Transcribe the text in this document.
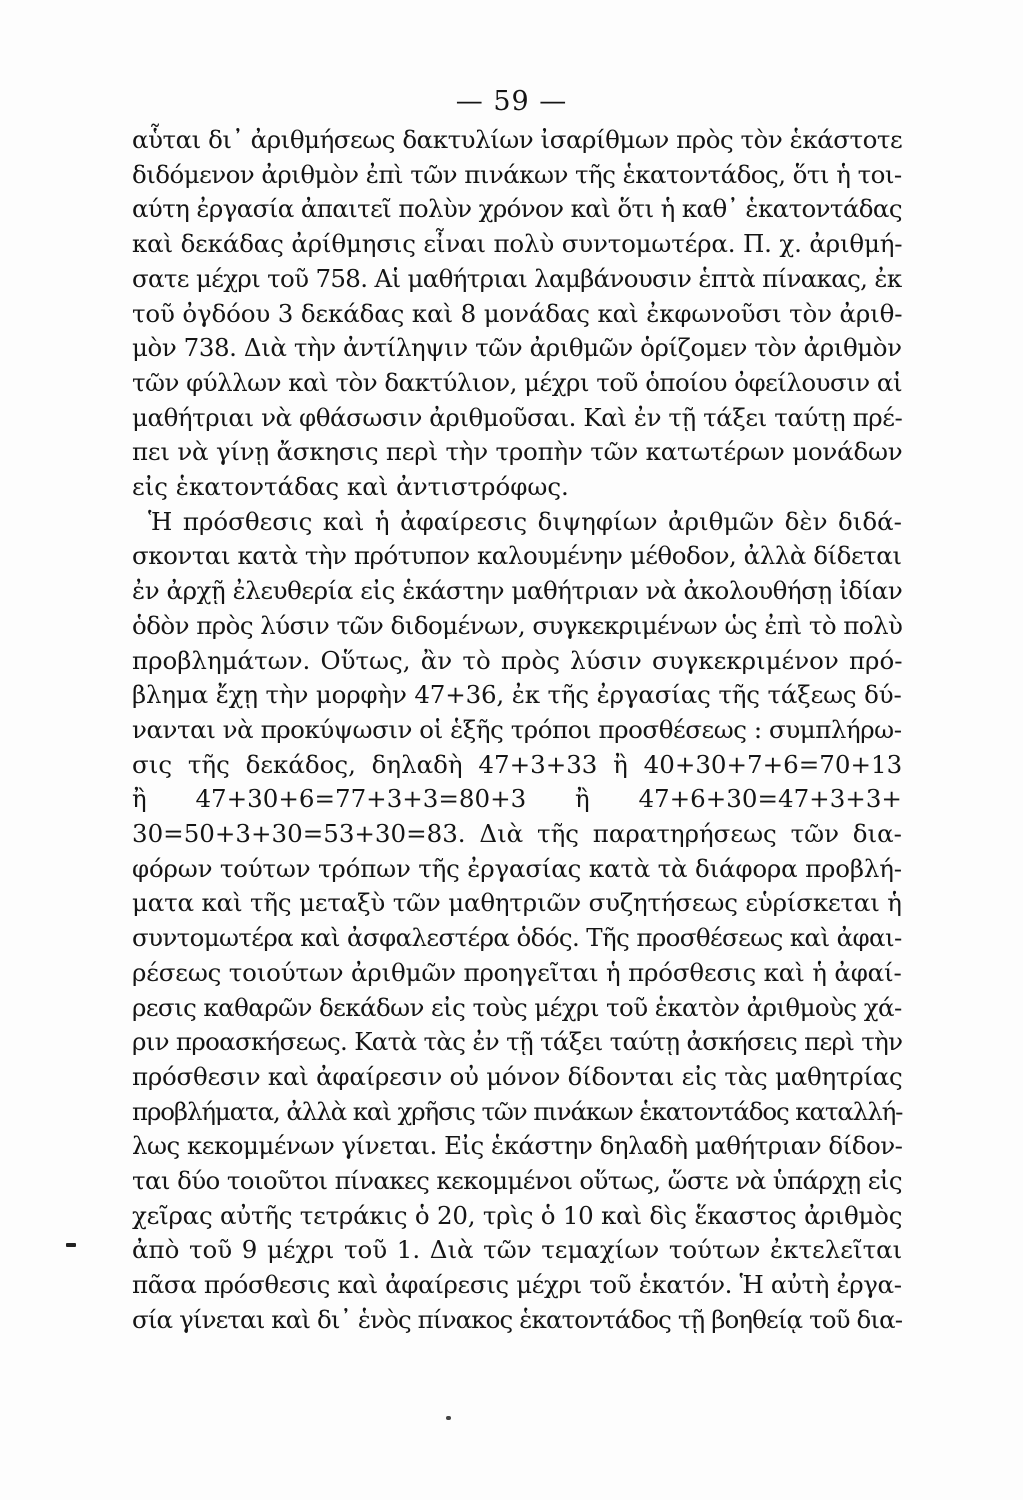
— 59 —
αὗται δι᾽ ἀριθμήσεως δακτυλίων ἰσαρίθμων πρὸς τὸν ἑκάστοτε
διδόμενον ἀριθμὸν ἐπὶ τῶν πινάκων τῆς ἑκατοντάδος, ὅτι ἡ τοι-
αύτη ἐργασία ἀπαιτεῖ πολὺν χρόνον καὶ ὅτι ἡ καθ᾽ ἑκατοντάδας
καὶ δεκάδας ἀρίθμησις εἶναι πολὺ συντομωτέρα. Π. χ. ἀριθμή-
σατε μέχρι τοῦ 758. Αἱ μαθήτριαι λαμβάνουσιν ἑπτὰ πίνακας, ἐκ
τοῦ ὀγδόου 3 δεκάδας καὶ 8 μονάδας καὶ ἐκφωνοῦσι τὸν ἀριθ-
μὸν 738. Διὰ τὴν ἀντίληψιν τῶν ἀριθμῶν ὁρίζομεν τὸν ἀριθμὸν
τῶν φύλλων καὶ τὸν δακτύλιον, μέχρι τοῦ ὁποίου ὀφείλουσιν αἱ
μαθήτριαι νὰ φθάσωσιν ἀριθμοῦσαι. Καὶ ἐν τῇ τάξει ταύτῃ πρέ-
πει νὰ γίνῃ ἄσκησις περὶ τὴν τροπὴν τῶν κατωτέρων μονάδων
εἰς ἑκατοντάδας καὶ ἀντιστρόφως.
Ἡ πρόσθεσις καὶ ἡ ἀφαίρεσις διψηφίων ἀριθμῶν δὲν διδά-
σκονται κατὰ τὴν πρότυπον καλουμένην μέθοδον, ἀλλὰ δίδεται
ἐν ἀρχῇ ἐλευθερία εἰς ἑκάστην μαθήτριαν νὰ ἀκολουθήσῃ ἰδίαν
ὁδὸν πρὸς λύσιν τῶν διδομένων, συγκεκριμένων ὡς ἐπὶ τὸ πολὺ
προβλημάτων. Οὕτως, ἂν τὸ πρὸς λύσιν συγκεκριμένον πρό-
βλημα ἔχῃ τὴν μορφὴν 47+36, ἐκ τῆς ἐργασίας τῆς τάξεως δύ-
νανται νὰ προκύψωσιν οἱ ἑξῆς τρόποι προσθέσεως : συμπλήρω-
σις τῆς δεκάδος, δηλαδὴ 47+3+33 ἢ 40+30+7+6=70+13
ἢ 47+30+6=77+3+3=80+3 ἢ 47+6+30=47+3+3+
30=50+3+30=53+30=83. Διὰ τῆς παρατηρήσεως τῶν δια-
φόρων τούτων τρόπων τῆς ἐργασίας κατὰ τὰ διάφορα προβλή-
ματα καὶ τῆς μεταξὺ τῶν μαθητριῶν συζητήσεως εὑρίσκεται ἡ
συντομωτέρα καὶ ἀσφαλεστέρα ὁδός. Τῆς προσθέσεως καὶ ἀφαι-
ρέσεως τοιούτων ἀριθμῶν προηγεῖται ἡ πρόσθεσις καὶ ἡ ἀφαί-
ρεσις καθαρῶν δεκάδων εἰς τοὺς μέχρι τοῦ ἑκατὸν ἀριθμοὺς χά-
ριν προασκήσεως. Κατὰ τὰς ἐν τῇ τάξει ταύτῃ ἀσκήσεις περὶ τὴν
πρόσθεσιν καὶ ἀφαίρεσιν οὐ μόνον δίδονται εἰς τὰς μαθητρίας
προβλήματα, ἀλλὰ καὶ χρῆσις τῶν πινάκων ἑκατοντάδος καταλλή-
λως κεκομμένων γίνεται. Εἰς ἑκάστην δηλαδὴ μαθήτριαν δίδον-
ται δύο τοιοῦτοι πίνακες κεκομμένοι οὕτως, ὥστε νὰ ὑπάρχῃ εἰς
χεῖρας αὐτῆς τετράκις ὁ 20, τρὶς ὁ 10 καὶ δὶς ἕκαστος ἀριθμὸς
ἀπὸ τοῦ 9 μέχρι τοῦ 1. Διὰ τῶν τεμαχίων τούτων ἐκτελεῖται
πᾶσα πρόσθεσις καὶ ἀφαίρεσις μέχρι τοῦ ἑκατόν. Ἡ αὐτὴ ἐργα-
σία γίνεται καὶ δι᾽ ἑνὸς πίνακος ἑκατοντάδος τῇ βοηθείᾳ τοῦ δια-
